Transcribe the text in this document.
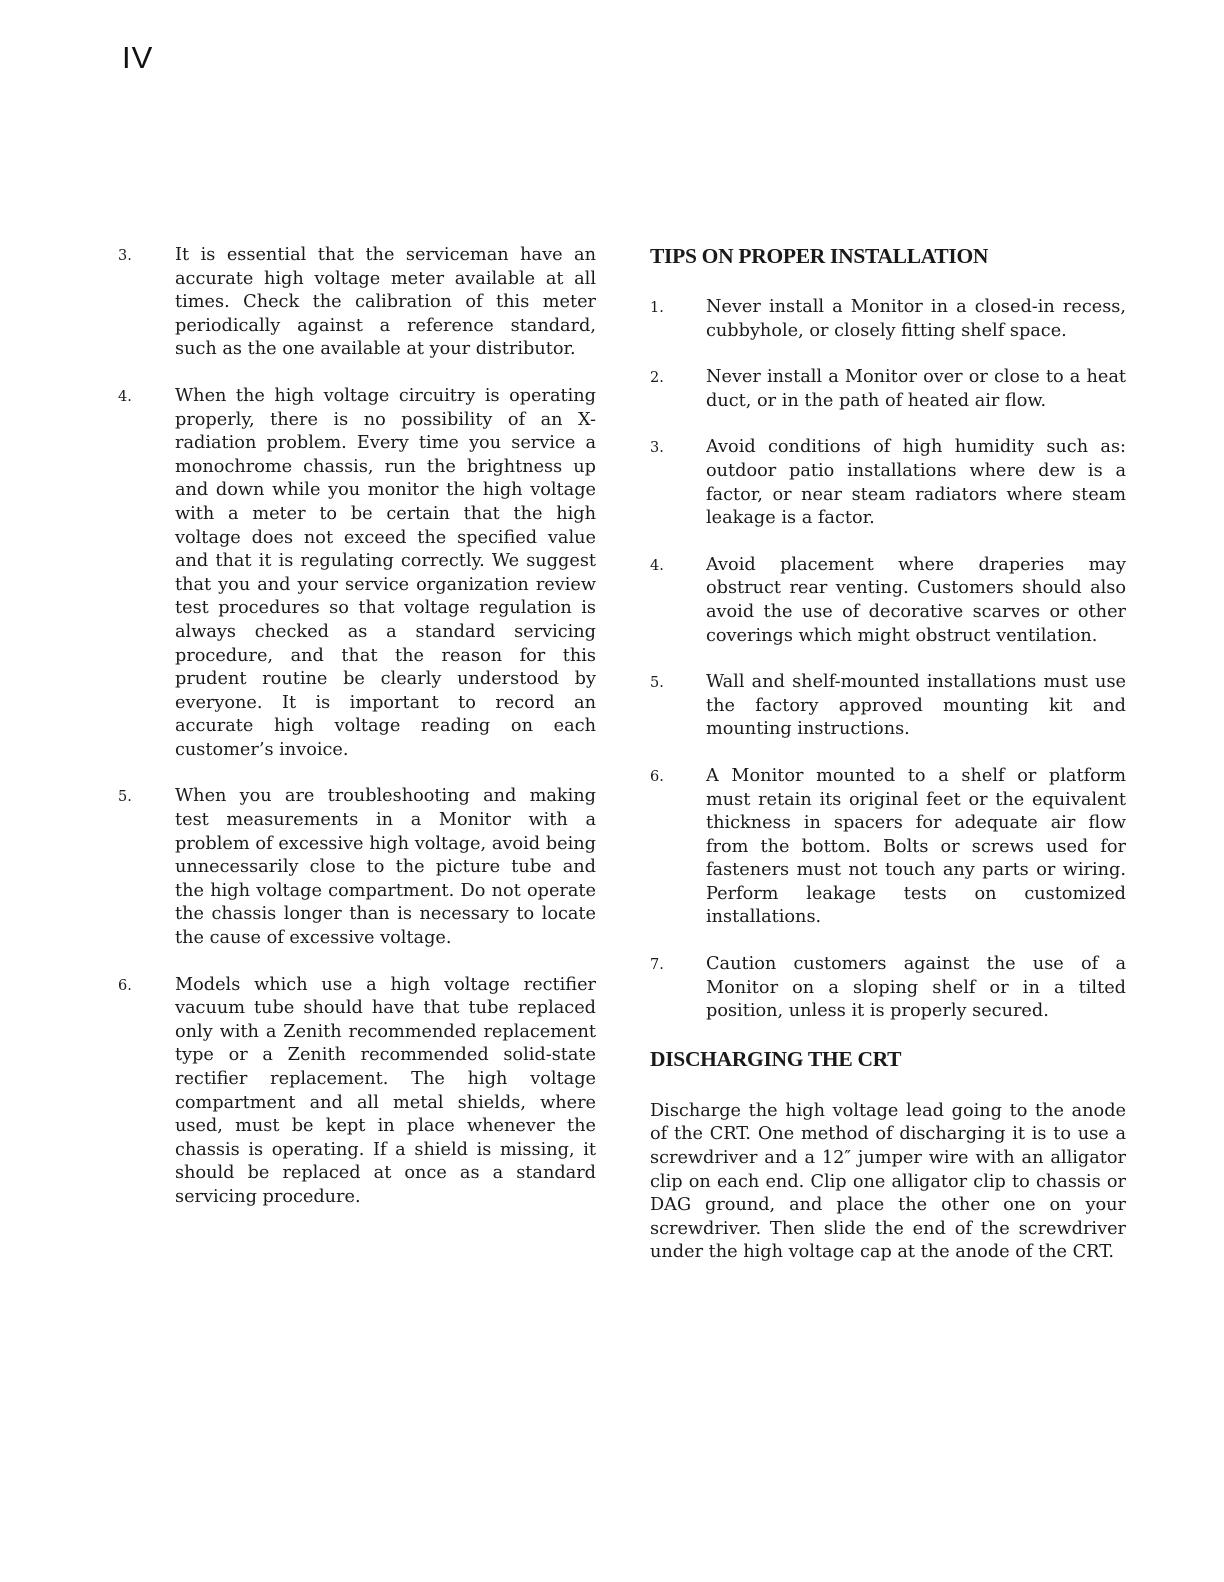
IV
3.	It is essential that the serviceman have an accurate high voltage meter available at all times. Check the calibration of this meter periodically against a reference standard, such as the one available at your distributor.
4.	When the high voltage circuitry is operating properly, there is no possibility of an X-radiation problem. Every time you service a monochrome chassis, run the brightness up and down while you monitor the high voltage with a meter to be certain that the high voltage does not exceed the specified value and that it is regulating correctly. We suggest that you and your service organization review test procedures so that voltage regulation is always checked as a standard servicing procedure, and that the reason for this prudent routine be clearly understood by everyone. It is important to record an accurate high voltage reading on each customer’s invoice.
5.	When you are troubleshooting and making test measurements in a Monitor with a problem of excessive high voltage, avoid being unnecessarily close to the picture tube and the high voltage compartment. Do not operate the chassis longer than is necessary to locate the cause of excessive voltage.
6.	Models which use a high voltage rectifier vacuum tube should have that tube replaced only with a Zenith recommended replacement type or a Zenith recommended solid-state rectifier replacement. The high voltage compartment and all metal shields, where used, must be kept in place whenever the chassis is operating. If a shield is missing, it should be replaced at once as a standard servicing procedure.
TIPS ON PROPER INSTALLATION
1.	Never install a Monitor in a closed-in recess, cubbyhole, or closely fitting shelf space.
2.	Never install a Monitor over or close to a heat duct, or in the path of heated air flow.
3.	Avoid conditions of high humidity such as: outdoor patio installations where dew is a factor, or near steam radiators where steam leakage is a factor.
4.	Avoid placement where draperies may obstruct rear venting. Customers should also avoid the use of decorative scarves or other coverings which might obstruct ventilation.
5.	Wall and shelf-mounted installations must use the factory approved mounting kit and mounting instructions.
6.	A Monitor mounted to a shelf or platform must retain its original feet or the equivalent thickness in spacers for adequate air flow from the bottom. Bolts or screws used for fasteners must not touch any parts or wiring. Perform leakage tests on customized installations.
7.	Caution customers against the use of a Monitor on a sloping shelf or in a tilted position, unless it is properly secured.
DISCHARGING THE CRT

Discharge the high voltage lead going to the anode of the CRT. One method of discharging it is to use a screwdriver and a 12″ jumper wire with an alligator clip on each end. Clip one alligator clip to chassis or DAG ground, and place the other one on your screwdriver. Then slide the end of the screwdriver under the high voltage cap at the anode of the CRT.
